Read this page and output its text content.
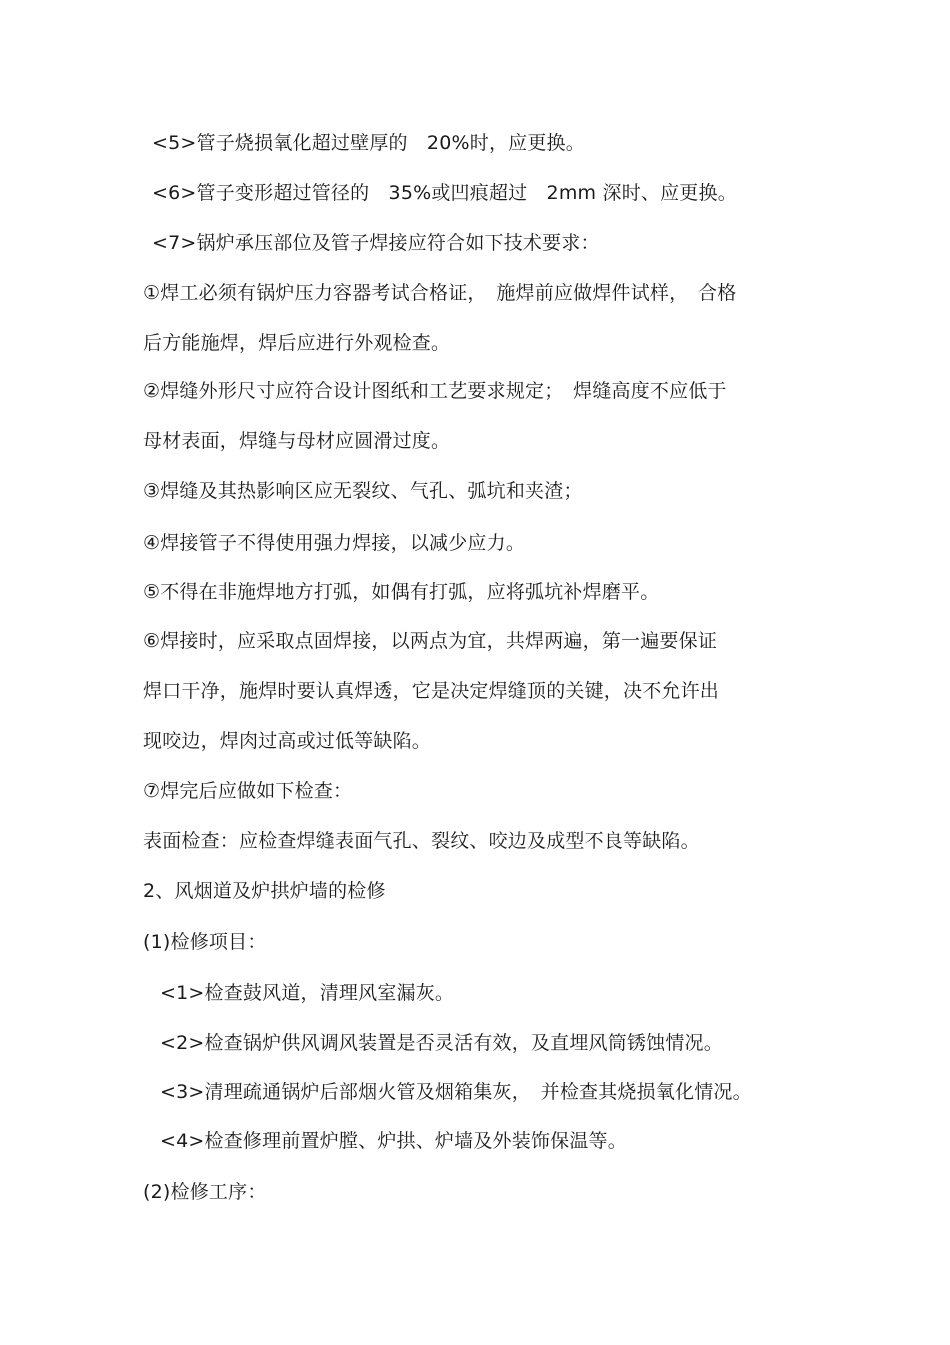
<5>管子烧损氧化超过壁厚的　20%时，应更换。
<6>管子变形超过管径的　35%或凹痕超过　2mm 深时、应更换。
<7>锅炉承压部位及管子焊接应符合如下技术要求：
①焊工必须有锅炉压力容器考试合格证，　施焊前应做焊件试样，　合格
后方能施焊，焊后应进行外观检查。
②焊缝外形尺寸应符合设计图纸和工艺要求规定；　焊缝高度不应低于
母材表面，焊缝与母材应圆滑过度。
③焊缝及其热影响区应无裂纹、气孔、弧坑和夹渣；
④焊接管子不得使用强力焊接，以减少应力。
⑤不得在非施焊地方打弧，如偶有打弧，应将弧坑补焊磨平。
⑥焊接时，应采取点固焊接，以两点为宜，共焊两遍，第一遍要保证
焊口干净，施焊时要认真焊透，它是决定焊缝顶的关键，决不允许出
现咬边，焊肉过高或过低等缺陷。
⑦焊完后应做如下检查：
表面检查：应检查焊缝表面气孔、裂纹、咬边及成型不良等缺陷。
2、风烟道及炉拱炉墙的检修
(1)检修项目：
<1>检查鼓风道，清理风室漏灰。
<2>检查锅炉供风调风装置是否灵活有效，及直埋风筒锈蚀情况。
<3>清理疏通锅炉后部烟火管及烟箱集灰，　并检查其烧损氧化情况。
<4>检查修理前置炉膛、炉拱、炉墙及外装饰保温等。
(2)检修工序：
